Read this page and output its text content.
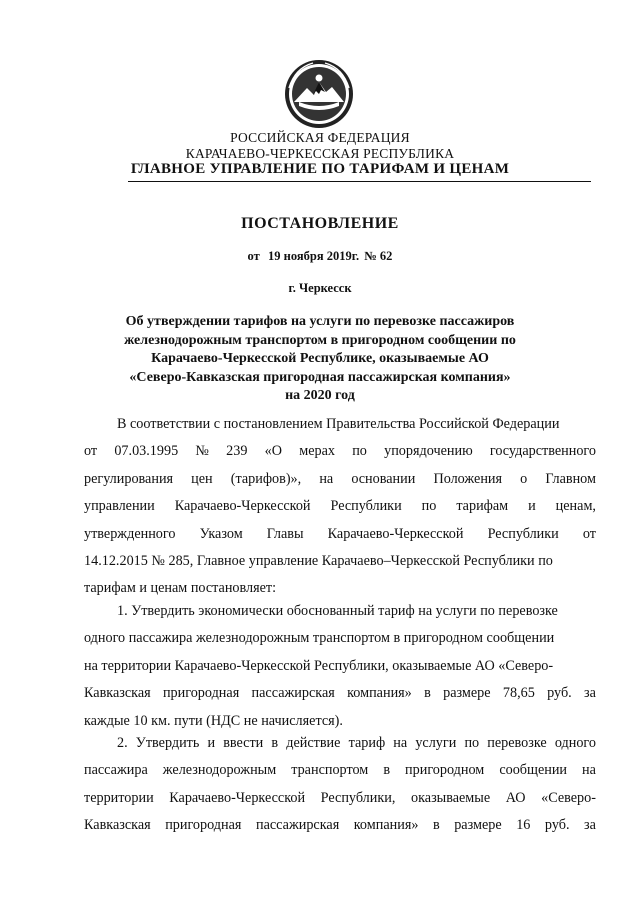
РОССИЙСКАЯ ФЕДЕРАЦИЯ
КАРАЧАЕВО-ЧЕРКЕССКАЯ РЕСПУБЛИКА
ГЛАВНОЕ УПРАВЛЕНИЕ ПО ТАРИФАМ И ЦЕНАМ
ПОСТАНОВЛЕНИЕ
от 19 ноября 2019г. № 62
г. Черкесск
Об утверждении тарифов на услуги по перевозке пассажиров
железнодорожным транспортом в пригородном сообщении по
Карачаево-Черкесской Республике, оказываемые АО
«Северо-Кавказская пригородная пассажирская компания»
на 2020 год
В соответствии с постановлением Правительства Российской Федерации
от 07.03.1995 № 239 «О мерах по упорядочению государственного
регулирования цен (тарифов)», на основании Положения о Главном
управлении Карачаево-Черкесской Республики по тарифам и ценам,
утвержденного Указом Главы Карачаево-Черкесской Республики от
14.12.2015 № 285, Главное управление Карачаево–Черкесской Республики по
тарифам и ценам постановляет:
1. Утвердить экономически обоснованный тариф на услуги по перевозке
одного пассажира железнодорожным транспортом в пригородном сообщении
на территории Карачаево-Черкесской Республики, оказываемые АО «Северо-
Кавказская пригородная пассажирская компания» в размере 78,65 руб. за
каждые 10 км. пути (НДС не начисляется).
2. Утвердить и ввести в действие тариф на услуги по перевозке одного
пассажира железнодорожным транспортом в пригородном сообщении на
территории Карачаево-Черкесской Республики, оказываемые АО «Северо-
Кавказская пригородная пассажирская компания» в размере 16 руб. за
